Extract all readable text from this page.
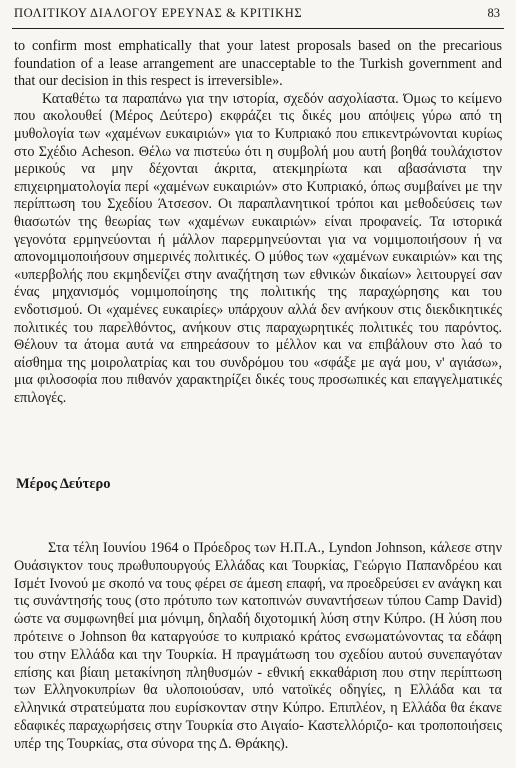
ΠΟΛΙΤΙΚΟΥ ΔΙΑΛΟΓΟΥ ΕΡΕΥΝΑΣ & ΚΡΙΤΙΚΗΣ	83

to confirm most emphatically that your latest proposals based on the precarious foundation of a lease arrangement are unacceptable to the Turkish government and that our decision in this respect is irreversible».

Καταθέτω τα παραπάνω για την ιστορία, σχεδόν ασχολίαστα. Όμως το κείμενο που ακολουθεί (Μέρος Δεύτερο) εκφράζει τις δικές μου απόψεις γύρω από τη μυθολογία των «χαμένων ευκαιριών» για το Κυπριακό που επικεντρώνονται κυρίως στο Σχέδιο Acheson. Θέλω να πιστεύω ότι η συμβολή μου αυτή βοηθά τουλάχιστον μερικούς να μην δέχονται άκριτα, ατεκμηρίωτα και αβασάνιστα την επιχειρηματολογία περί «χαμένων ευκαιριών» στο Κυπριακό, όπως συμβαίνει με την περίπτωση του Σχεδίου Άτσεσον. Οι παραπλανητικοί τρόποι και μεθοδεύσεις των θιασωτών της θεωρίας των «χαμένων ευκαιριών» είναι προφανείς. Τα ιστορικά γεγονότα ερμηνεύονται ή μάλλον παρερμηνεύονται για να νομιμοποιήσουν ή να απονομιμοποιήσουν σημερινές πολιτικές. Ο μύθος των «χαμένων ευκαιριών» και της «υπερβολής που εκμηδενίζει στην αναζήτηση των εθνικών δικαίων» λειτουργεί σαν ένας μηχανισμός νομιμοποίησης της πολιτικής της παραχώρησης και του ενδοτισμού. Οι «χαμένες ευκαιρίες» υπάρχουν αλλά δεν ανήκουν στις διεκδικητικές πολιτικές του παρελθόντος, ανήκουν στις παραχωρητικές πολιτικές του παρόντος. Θέλουν τα άτομα αυτά να επηρεάσουν το μέλλον και να επιβάλουν στο λαό το αίσθημα της μοιρολατρίας και του συνδρόμου του «σφάξε με αγά μου, ν' αγιάσω», μια φιλοσοφία που πιθανόν χαρακτηρίζει δικές τους προσωπικές και επαγγελματικές επιλογές.

Μέρος Δεύτερο

Στα τέλη Ιουνίου 1964 ο Πρόεδρος των Η.Π.Α., Lyndon Johnson, κάλεσε στην Ουάσιγκτον τους πρωθυπουργούς Ελλάδας και Τουρκίας, Γεώργιο Παπανδρέου και Ισμέτ Ινονού με σκοπό να τους φέρει σε άμεση επαφή, να προεδρεύσει εν ανάγκη και τις συνάντησής τους (στο πρότυπο των κατοπινών συναντήσεων τύπου Camp David) ώστε να συμφωνηθεί μια μόνιμη, δηλαδή διχοτομική λύση στην Κύπρο. (Η λύση που πρότεινε ο Johnson θα καταργούσε το κυπριακό κράτος ενσωματώνοντας τα εδάφη του στην Ελλάδα και την Τουρκία. Η πραγμάτωση του σχεδίου αυτού συνεπαγόταν επίσης και βίαιη μετακίνηση πληθυσμών - εθνική εκκαθάριση που στην περίπτωση των Ελληνοκυπρίων θα υλοποιούσαν, υπό νατοϊκές οδηγίες, η Ελλάδα και τα ελληνικά στρατεύματα που ευρίσκονταν στην Κύπρο. Επιπλέον, η Ελλάδα θα έκανε εδαφικές παραχωρήσεις στην Τουρκία στο Αιγαίο- Καστελλόριζο- και τροποποιήσεις υπέρ της Τουρκίας, στα σύνορα της Δ. Θράκης).
